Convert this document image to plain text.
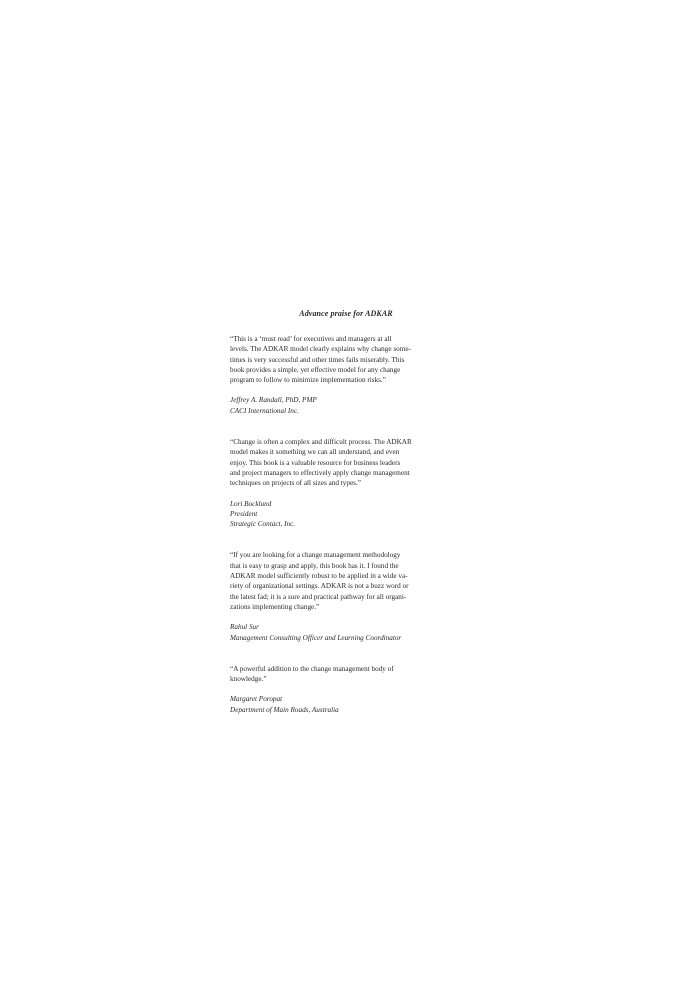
Advance praise for ADKAR

“This is a ‘must read’ for executives and managers at all
levels. The ADKAR model clearly explains why change some-
times is very successful and other times fails miserably. This
book provides a simple, yet effective model for any change
program to follow to minimize implementation risks.”

Jeffrey A. Randall, PhD, PMP
CACI International Inc.

“Change is often a complex and difficult process. The ADKAR
model makes it something we can all understand, and even
enjoy. This book is a valuable resource for business leaders
and project managers to effectively apply change management
techniques on projects of all sizes and types.”

Lori Bocklund
President
Strategic Contact, Inc.

“If you are looking for a change management methodology
that is easy to grasp and apply, this book has it. I found the
ADKAR model sufficiently robust to be applied in a wide va-
riety of organizational settings. ADKAR is not a buzz word or
the latest fad; it is a sure and practical pathway for all organi-
zations implementing change.”

Rahul Sur
Management Consulting Officer and Learning Coordinator

“A powerful addition to the change management body of
knowledge.”

Margaret Poropat
Department of Main Roads, Australia
